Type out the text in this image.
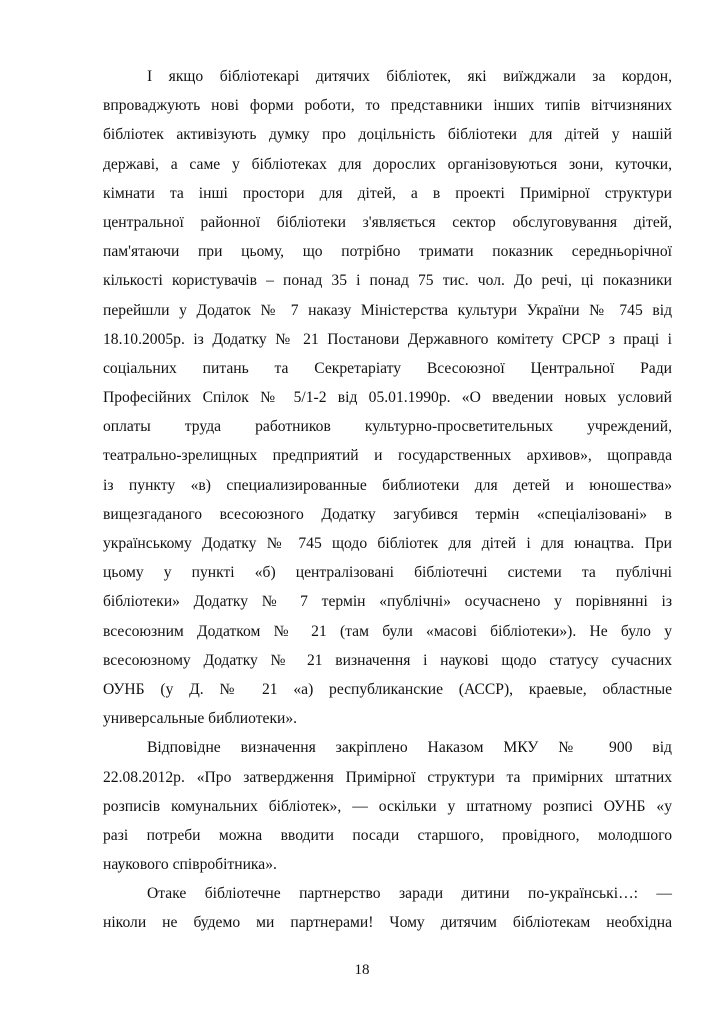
І якщо бібліотекарі дитячих бібліотек, які виїжджали за кордон,
впроваджують нові форми роботи, то представники інших типів вітчизняних
бібліотек активізують думку про доцільність бібліотеки для дітей у нашій
державі, а саме у бібліотеках для дорослих організовуються зони, куточки,
кімнати та інші простори для дітей, а в проекті Примірної структури
центральної районної бібліотеки з'являється сектор обслуговування дітей,
пам'ятаючи при цьому, що потрібно тримати показник середньорічної
кількості користувачів – понад 35 і понад 75 тис. чол. До речі, ці показники
перейшли у Додаток № 7 наказу Міністерства культури України № 745 від
18.10.2005р. із Додатку № 21 Постанови Державного комітету СРСР з праці і
соціальних питань та Секретаріату Всесоюзної Центральної Ради
Професійних Спілок № 5/1-2 від 05.01.1990р. «О введении новых условий
оплаты труда работников культурно-просветительных учреждений,
театрально-зрелищных предприятий и государственных архивов», щоправда
із пункту «в) специализированные библиотеки для детей и юношества»
вищезгаданого всесоюзного Додатку загубився термін «спеціалізовані» в
українському Додатку № 745 щодо бібліотек для дітей і для юнацтва. При
цьому у пункті «б) централізовані бібліотечні системи та публічні
бібліотеки» Додатку № 7 термін «публічні» осучаснено у порівнянні із
всесоюзним Додатком № 21 (там були «масові бібліотеки»). Не було у
всесоюзному Додатку № 21 визначення і наукові щодо статусу сучасних
ОУНБ (у Д. № 21 «а) республиканские (АССР), краевые, областные
универсальные библиотеки».
Відповідне визначення закріплено Наказом МКУ № 900 від
22.08.2012р. «Про затвердження Примірної структури та примірних штатних
розписів комунальних бібліотек», — оскільки у штатному розписі ОУНБ «у
разі потреби можна вводити посади старшого, провідного, молодшого
наукового співробітника».
Отаке бібліотечне партнерство заради дитини по-українські…: —
ніколи не будемо ми партнерами! Чому дитячим бібліотекам необхідна
18
